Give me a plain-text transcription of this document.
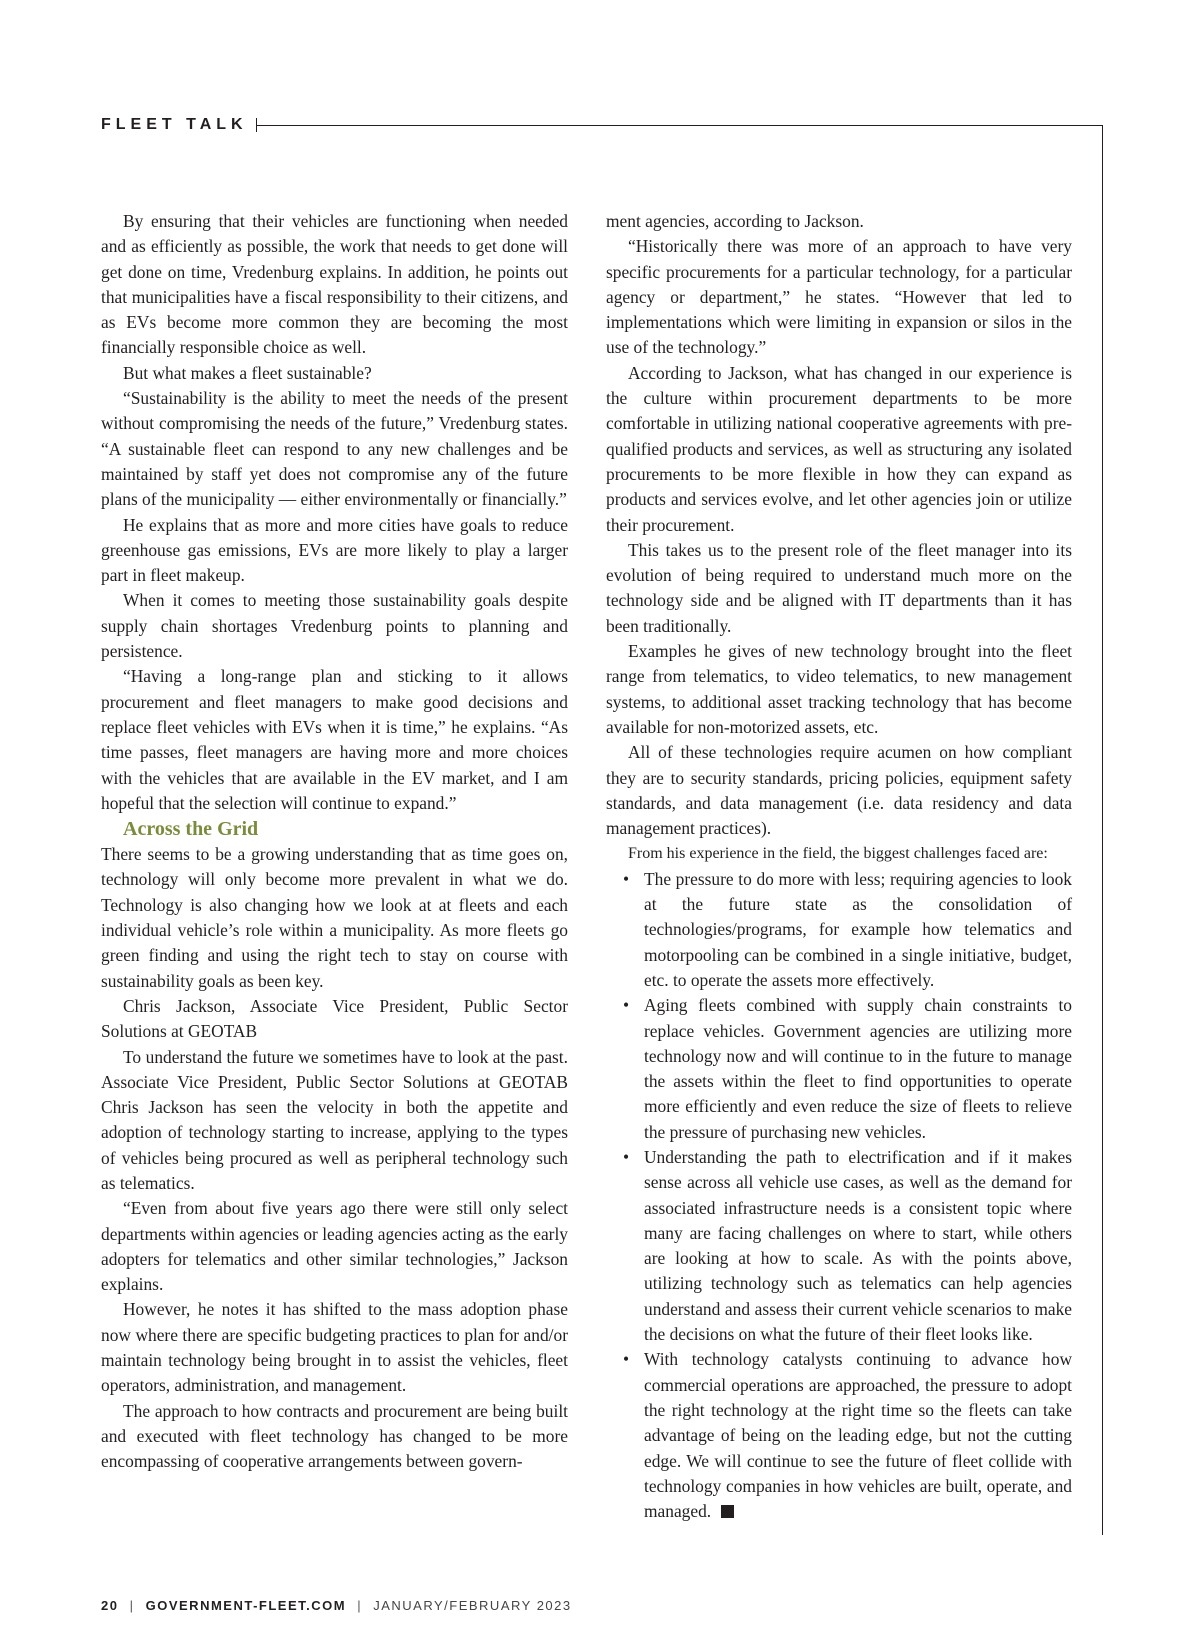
FLEET TALK

By ensuring that their vehicles are functioning when needed and as efficiently as possible, the work that needs to get done will get done on time, Vredenburg explains. In addition, he points out that municipalities have a fiscal responsibility to their citizens, and as EVs become more common they are becoming the most financially responsible choice as well.

But what makes a fleet sustainable?

“Sustainability is the ability to meet the needs of the present without compromising the needs of the future,” Vredenburg states. “A sustainable fleet can respond to any new challenges and be maintained by staff yet does not compromise any of the future plans of the municipality — either environmentally or financially.”

He explains that as more and more cities have goals to reduce greenhouse gas emissions, EVs are more likely to play a larger part in fleet makeup.

When it comes to meeting those sustainability goals despite supply chain shortages Vredenburg points to planning and persistence.

“Having a long-range plan and sticking to it allows procurement and fleet managers to make good decisions and replace fleet vehicles with EVs when it is time,” he explains. “As time passes, fleet managers are having more and more choices with the vehicles that are available in the EV market, and I am hopeful that the selection will continue to expand.”

Across the Grid

There seems to be a growing understanding that as time goes on, technology will only become more prevalent in what we do. Technology is also changing how we look at at fleets and each individual vehicle’s role within a municipality. As more fleets go green finding and using the right tech to stay on course with sustainability goals as been key.

Chris Jackson, Associate Vice President, Public Sector Solutions at GEOTAB

To understand the future we sometimes have to look at the past. Associate Vice President, Public Sector Solutions at GEOTAB Chris Jackson has seen the velocity in both the appetite and adoption of technology starting to increase, applying to the types of vehicles being procured as well as peripheral technology such as telematics.

“Even from about five years ago there were still only select departments within agencies or leading agencies acting as the early adopters for telematics and other similar technologies,” Jackson explains.

However, he notes it has shifted to the mass adoption phase now where there are specific budgeting practices to plan for and/or maintain technology being brought in to assist the vehicles, fleet operators, administration, and management.

The approach to how contracts and procurement are being built and executed with fleet technology has changed to be more encompassing of cooperative arrangements between govern-

ment agencies, according to Jackson.

“Historically there was more of an approach to have very specific procurements for a particular technology, for a particular agency or department,” he states. “However that led to implementations which were limiting in expansion or silos in the use of the technology.”

According to Jackson, what has changed in our experience is the culture within procurement departments to be more comfortable in utilizing national cooperative agreements with pre-qualified products and services, as well as structuring any isolated procurements to be more flexible in how they can expand as products and services evolve, and let other agencies join or utilize their procurement.

This takes us to the present role of the fleet manager into its evolution of being required to understand much more on the technology side and be aligned with IT departments than it has been traditionally.

Examples he gives of new technology brought into the fleet range from telematics, to video telematics, to new management systems, to additional asset tracking technology that has become available for non-motorized assets, etc.

All of these technologies require acumen on how compliant they are to security standards, pricing policies, equipment safety standards, and data management (i.e. data residency and data management practices).

From his experience in the field, the biggest challenges faced are:

• The pressure to do more with less; requiring agencies to look at the future state as the consolidation of technologies/programs, for example how telematics and motorpooling can be combined in a single initiative, budget, etc. to operate the assets more effectively.
• Aging fleets combined with supply chain constraints to replace vehicles. Government agencies are utilizing more technology now and will continue to in the future to manage the assets within the fleet to find opportunities to operate more efficiently and even reduce the size of fleets to relieve the pressure of purchasing new vehicles.
• Understanding the path to electrification and if it makes sense across all vehicle use cases, as well as the demand for associated infrastructure needs is a consistent topic where many are facing challenges on where to start, while others are looking at how to scale. As with the points above, utilizing technology such as telematics can help agencies understand and assess their current vehicle scenarios to make the decisions on what the future of their fleet looks like.
• With technology catalysts continuing to advance how commercial operations are approached, the pressure to adopt the right technology at the right time so the fleets can take advantage of being on the leading edge, but not the cutting edge. We will continue to see the future of fleet collide with technology companies in how vehicles are built, operate, and managed.
20 | GOVERNMENT-FLEET.COM | JANUARY/FEBRUARY 2023
